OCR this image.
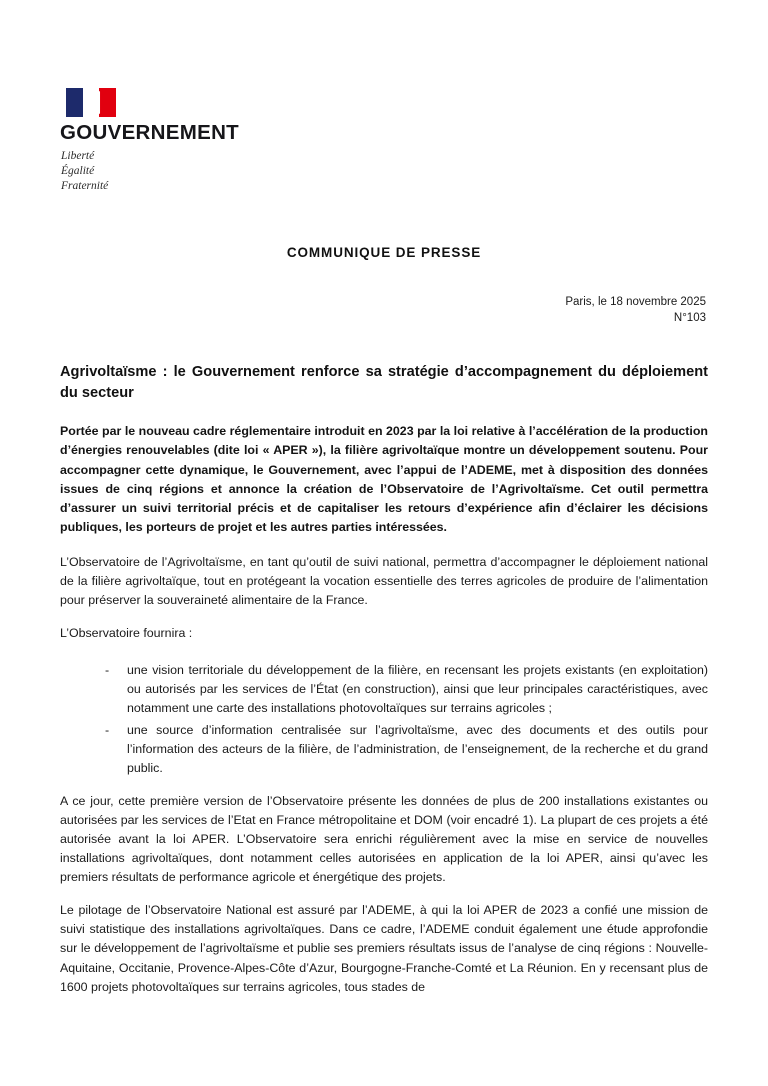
GOUVERNEMENT
Liberté
Égalité
Fraternité
COMMUNIQUE DE PRESSE
Paris, le 18 novembre 2025
N°103
Agrivoltaïsme : le Gouvernement renforce sa stratégie d’accompagnement du déploiement du secteur

Portée par le nouveau cadre réglementaire introduit en 2023 par la loi relative à l’accélération de la production d’énergies renouvelables (dite loi « APER »), la filière agrivoltaïque montre un développement soutenu. Pour accompagner cette dynamique, le Gouvernement, avec l’appui de l’ADEME, met à disposition des données issues de cinq régions et annonce la création de l’Observatoire de l’Agrivoltaïsme. Cet outil permettra d’assurer un suivi territorial précis et de capitaliser les retours d’expérience afin d’éclairer les décisions publiques, les porteurs de projet et les autres parties intéressées.

L’Observatoire de l’Agrivoltaïsme, en tant qu’outil de suivi national, permettra d’accompagner le déploiement national de la filière agrivoltaïque, tout en protégeant la vocation essentielle des terres agricoles de produire de l’alimentation pour préserver la souveraineté alimentaire de la France.

L’Observatoire fournira :

- une vision territoriale du développement de la filière, en recensant les projets existants (en exploitation) ou autorisés par les services de l’État (en construction), ainsi que leur principales caractéristiques, avec notamment une carte des installations photovoltaïques sur terrains agricoles ;
- une source d’information centralisée sur l’agrivoltaïsme, avec des documents et des outils pour l’information des acteurs de la filière, de l’administration, de l’enseignement, de la recherche et du grand public.

A ce jour, cette première version de l’Observatoire présente les données de plus de 200 installations existantes ou autorisées par les services de l’Etat en France métropolitaine et DOM (voir encadré 1). La plupart de ces projets a été autorisée avant la loi APER. L’Observatoire sera enrichi régulièrement avec la mise en service de nouvelles installations agrivoltaïques, dont notamment celles autorisées en application de la loi APER, ainsi qu’avec les premiers résultats de performance agricole et énergétique des projets.

Le pilotage de l’Observatoire National est assuré par l’ADEME, à qui la loi APER de 2023 a confié une mission de suivi statistique des installations agrivoltaïques. Dans ce cadre, l’ADEME conduit également une étude approfondie sur le développement de l’agrivoltaïsme et publie ses premiers résultats issus de l’analyse de cinq régions : Nouvelle-Aquitaine, Occitanie, Provence-Alpes-Côte d’Azur, Bourgogne-Franche-Comté et La Réunion. En y recensant plus de 1600 projets photovoltaïques sur terrains agricoles, tous stades de
